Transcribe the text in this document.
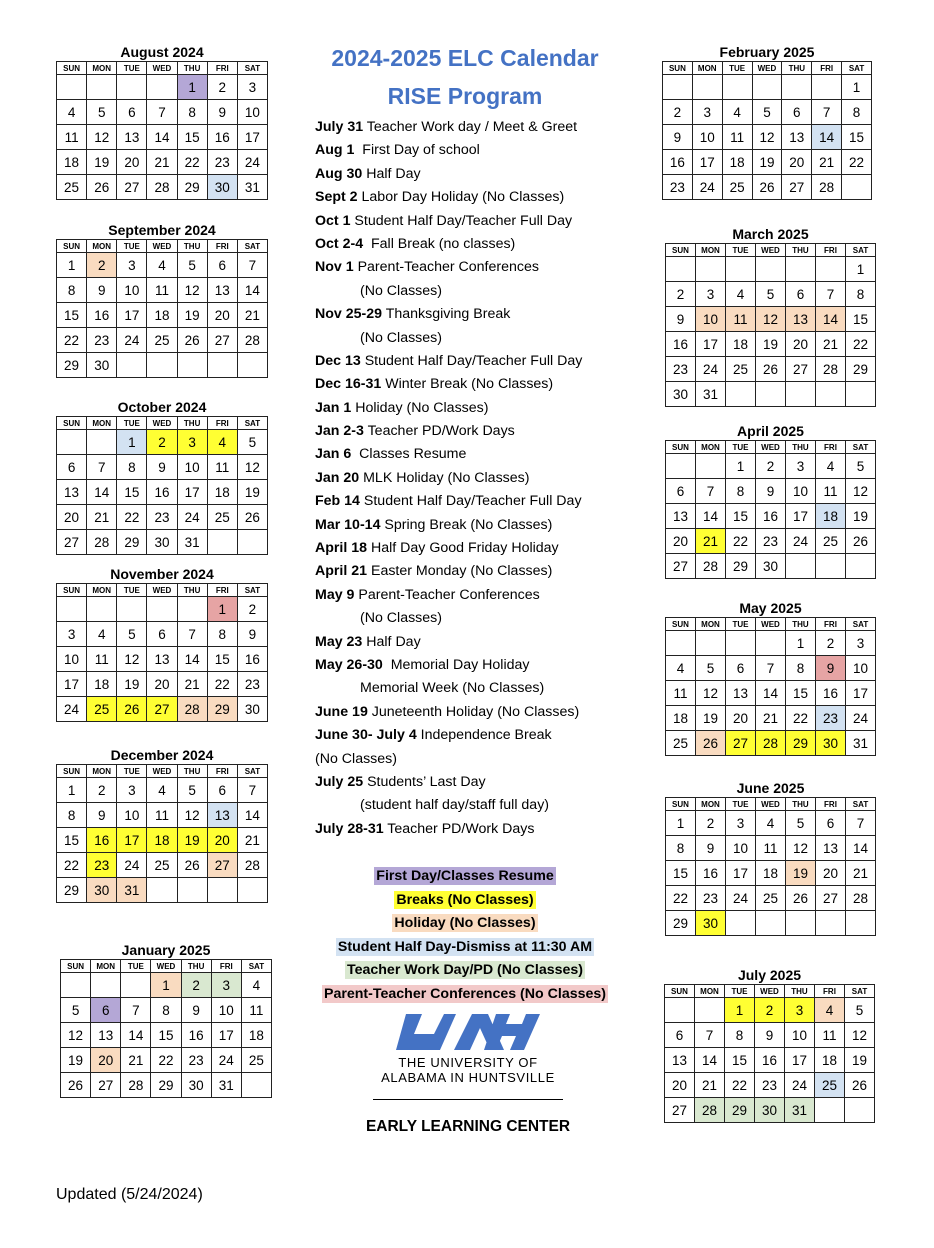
August 2024
SUN	MON	TUE	WED	THU	FRI	SAT
				1	2	3
4	5	6	7	8	9	10
11	12	13	14	15	16	17
18	19	20	21	22	23	24
25	26	27	28	29	30	31
September 2024
SUN	MON	TUE	WED	THU	FRI	SAT
1	2	3	4	5	6	7
8	9	10	11	12	13	14
15	16	17	18	19	20	21
22	23	24	25	26	27	28
29	30					
October 2024
SUN	MON	TUE	WED	THU	FRI	SAT
		1	2	3	4	5
6	7	8	9	10	11	12
13	14	15	16	17	18	19
20	21	22	23	24	25	26
27	28	29	30	31		
November 2024
SUN	MON	TUE	WED	THU	FRI	SAT
					1	2
3	4	5	6	7	8	9
10	11	12	13	14	15	16
17	18	19	20	21	22	23
24	25	26	27	28	29	30
December 2024
SUN	MON	TUE	WED	THU	FRI	SAT
1	2	3	4	5	6	7
8	9	10	11	12	13	14
15	16	17	18	19	20	21
22	23	24	25	26	27	28
29	30	31				
January 2025
SUN	MON	TUE	WED	THU	FRI	SAT
			1	2	3	4
5	6	7	8	9	10	11
12	13	14	15	16	17	18
19	20	21	22	23	24	25
26	27	28	29	30	31	
February 2025
SUN	MON	TUE	WED	THU	FRI	SAT
						1
2	3	4	5	6	7	8
9	10	11	12	13	14	15
16	17	18	19	20	21	22
23	24	25	26	27	28	
March 2025
SUN	MON	TUE	WED	THU	FRI	SAT
						1
2	3	4	5	6	7	8
9	10	11	12	13	14	15
16	17	18	19	20	21	22
23	24	25	26	27	28	29
30	31					
April 2025
SUN	MON	TUE	WED	THU	FRI	SAT
		1	2	3	4	5
6	7	8	9	10	11	12
13	14	15	16	17	18	19
20	21	22	23	24	25	26
27	28	29	30			
May 2025
SUN	MON	TUE	WED	THU	FRI	SAT
				1	2	3
4	5	6	7	8	9	10
11	12	13	14	15	16	17
18	19	20	21	22	23	24
25	26	27	28	29	30	31
June 2025
SUN	MON	TUE	WED	THU	FRI	SAT
1	2	3	4	5	6	7
8	9	10	11	12	13	14
15	16	17	18	19	20	21
22	23	24	25	26	27	28
29	30					
July 2025
SUN	MON	TUE	WED	THU	FRI	SAT
		1	2	3	4	5
6	7	8	9	10	11	12
13	14	15	16	17	18	19
20	21	22	23	24	25	26
27	28	29	30	31		
2024-2025 ELC Calendar
RISE Program
July 31 Teacher Work day / Meet & Greet
Aug 1  First Day of school
Aug 30 Half Day
Sept 2 Labor Day Holiday (No Classes)
Oct 1 Student Half Day/Teacher Full Day
Oct 2-4  Fall Break (no classes)
Nov 1 Parent-Teacher Conferences
(No Classes)
Nov 25-29 Thanksgiving Break
(No Classes)
Dec 13 Student Half Day/Teacher Full Day
Dec 16-31 Winter Break (No Classes)
Jan 1 Holiday (No Classes)
Jan 2-3 Teacher PD/Work Days
Jan 6  Classes Resume
Jan 20 MLK Holiday (No Classes)
Feb 14 Student Half Day/Teacher Full Day
Mar 10-14 Spring Break (No Classes)
April 18 Half Day Good Friday Holiday
April 21 Easter Monday (No Classes)
May 9 Parent-Teacher Conferences
(No Classes)
May 23 Half Day
May 26-30  Memorial Day Holiday
Memorial Week (No Classes)
June 19 Juneteenth Holiday (No Classes)
June 30- July 4 Independence Break
(No Classes)
July 25 Students’ Last Day
(student half day/staff full day)
July 28-31 Teacher PD/Work Days
First Day/Classes Resume
Breaks (No Classes)
Holiday (No Classes)
Student Half Day-Dismiss at 11:30 AM
Teacher Work Day/PD (No Classes)
Parent-Teacher Conferences (No Classes)
THE UNIVERSITY OF
ALABAMA IN HUNTSVILLE
EARLY LEARNING CENTER
Updated (5/24/2024)
